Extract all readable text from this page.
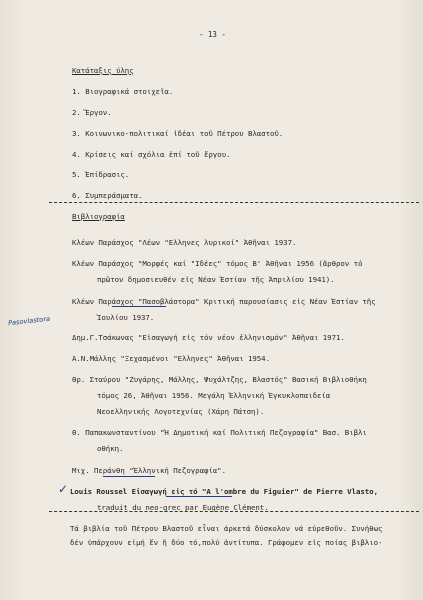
- 13 -
Κατάταξις ύλης
1. Βιογραφικά στοιχεῖα.
2. Ἔργον.
3. Κοινωνικο-πολιτικαί ἰδέαι τοῦ Πέτρου Βλαστοῦ.
4. Κρίσεις καί σχόλια ἐπί τοῦ ἔργου.
5. Ἐπίδρασις.
6. Συμπεράσματα.
Βιβλιογραφία
Κλέων Παράσχος "Λέων "Ελληνες λυρικοί" Ἀθῆναι 1937.
Κλέων Παράσχος "Μορφές καί "Ιδέες" τόμος Β' Ἀθῆναι 1956 (ἄρθρον τό
πρῶτον δημοσιευθέν εἰς Νέαν Ἑστίαν τῆς Ἀπριλίου 1941).
Κλέων Παράσχος "Πασοβλάστορα" Κριτική παρουσίασις εἰς Νέαν Ἑστίαν τῆς
Ἰουλίου 1937.
Δημ.Γ.Τσάκωνας "Εἰσαγωγή εἰς τόν νέον ἑλληνισμόν" Ἀθῆναι 1971.
Α.Ν.Μάλλης "Ξεχασμένοι "Ελληνες" Ἀθῆναι 1954.
Θρ. Σταύρου "Ζυγάρης, Μάλλης, Ψυχάλτζης, Βλαστός" Βασική Βιβλιοθήκη
τόμος 26, Ἀθῆναι 1956. Μεγάλη Ἑλληνική Ἐγκυκλοπαιδεία
Νεοελληνικής Λογοτεχνίας (Χάρη Πάτση).
Θ. Παπακωνσταντίνου "Ἡ Δημοτική καί Πολιτική Πεζογραφία" Βασ. Βιβλι
οθήκη.
Μιχ. Περάνθη "Ἑλληνική Πεζογραφία".
Louis Roussel Εἰσαγωγή εἰς τό "A l'ombre du Figuier" de Pierre Vlasto,
traduit du neo-grec par Eugène Clément.
Pasovlastora
✓
Τά βιβλία τοῦ Πέτρου Βλαστοῦ εἶναι ἀρκετά δύσκολον νά εὑρεθοῦν. Συνήθως
δέν ὑπάρχουν εἰμή ἕν ἤ δύο τό,πολύ ἀντίτυπα. Γράφομεν εἰς ποίας βιβλιο-
